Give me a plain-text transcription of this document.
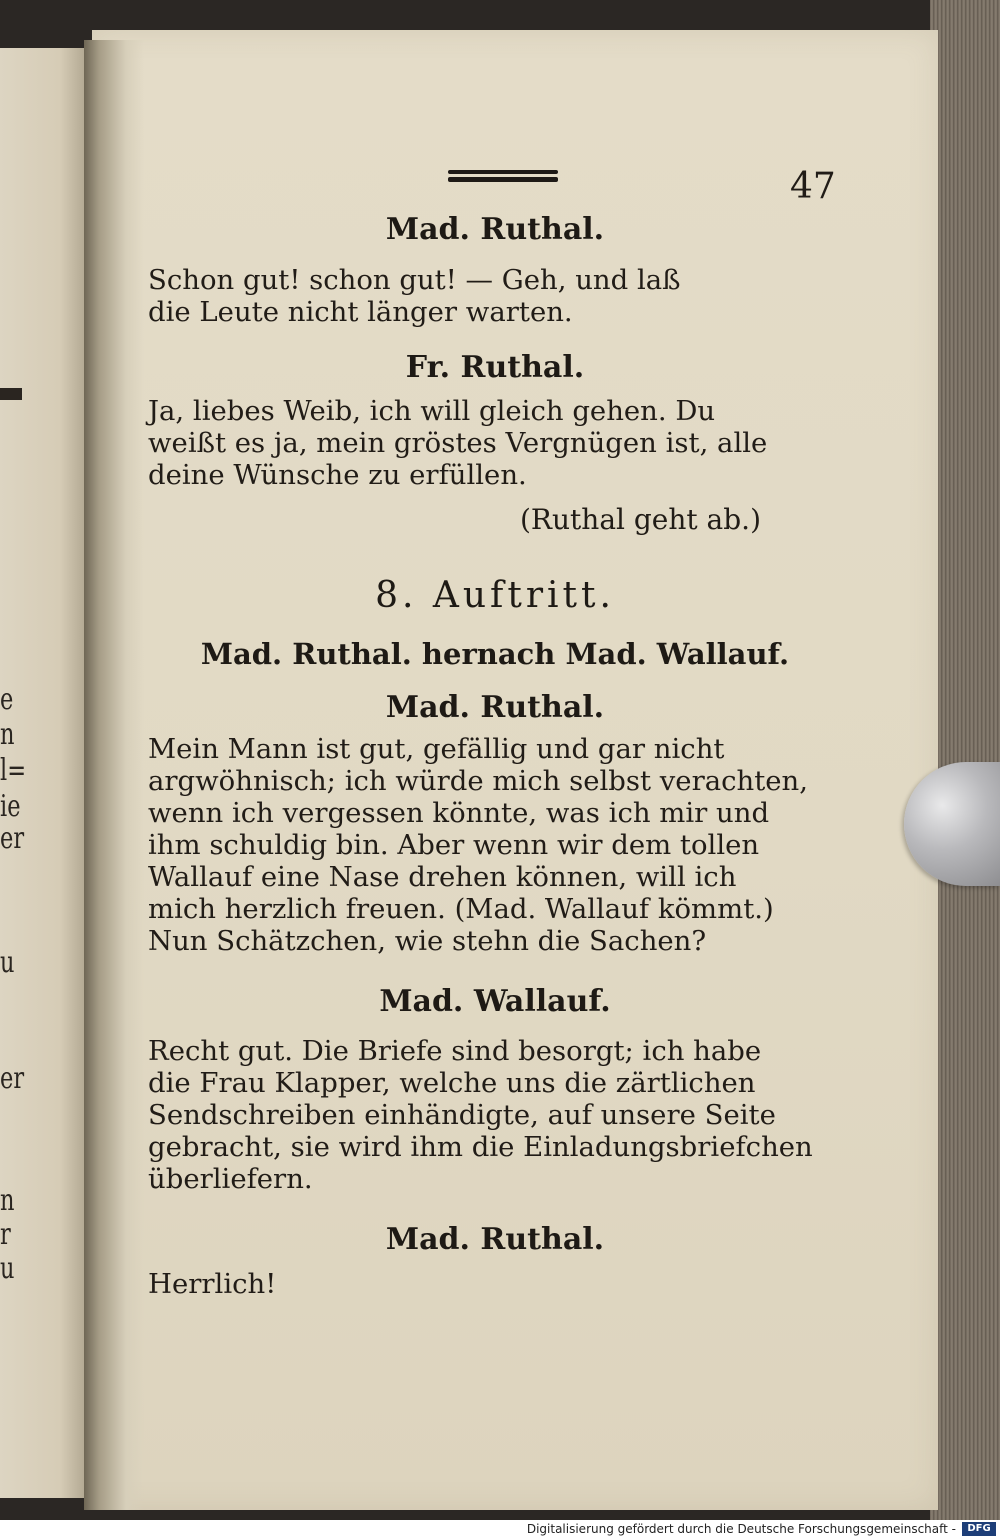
e
n
l=
ie
er
u
er
n
r
u
47
Mad. Ruthal.
Schon gut! schon gut! — Geh, und laß
die Leute nicht länger warten.
Fr. Ruthal.
Ja, liebes Weib, ich will gleich gehen. Du
weißt es ja, mein gröstes Vergnügen ist, alle
deine Wünsche zu erfüllen.
(Ruthal geht ab.)
8. Auftritt.
Mad. Ruthal. hernach Mad. Wallauf.
Mad. Ruthal.
Mein Mann ist gut, gefällig und gar nicht
argwöhnisch; ich würde mich selbst verachten,
wenn ich vergessen könnte, was ich mir und
ihm schuldig bin. Aber wenn wir dem tollen
Wallauf eine Nase drehen können, will ich
mich herzlich freuen. (Mad. Wallauf kömmt.)
Nun Schätzchen, wie stehn die Sachen?
Mad. Wallauf.
Recht gut. Die Briefe sind besorgt; ich habe
die Frau Klapper, welche uns die zärtlichen
Sendschreiben einhändigte, auf unsere Seite
gebracht, sie wird ihm die Einladungsbriefchen
überliefern.
Mad. Ruthal.
Herrlich!
Digitalisierung gefördert durch die Deutsche Forschungsgemeinschaft -	DFG
